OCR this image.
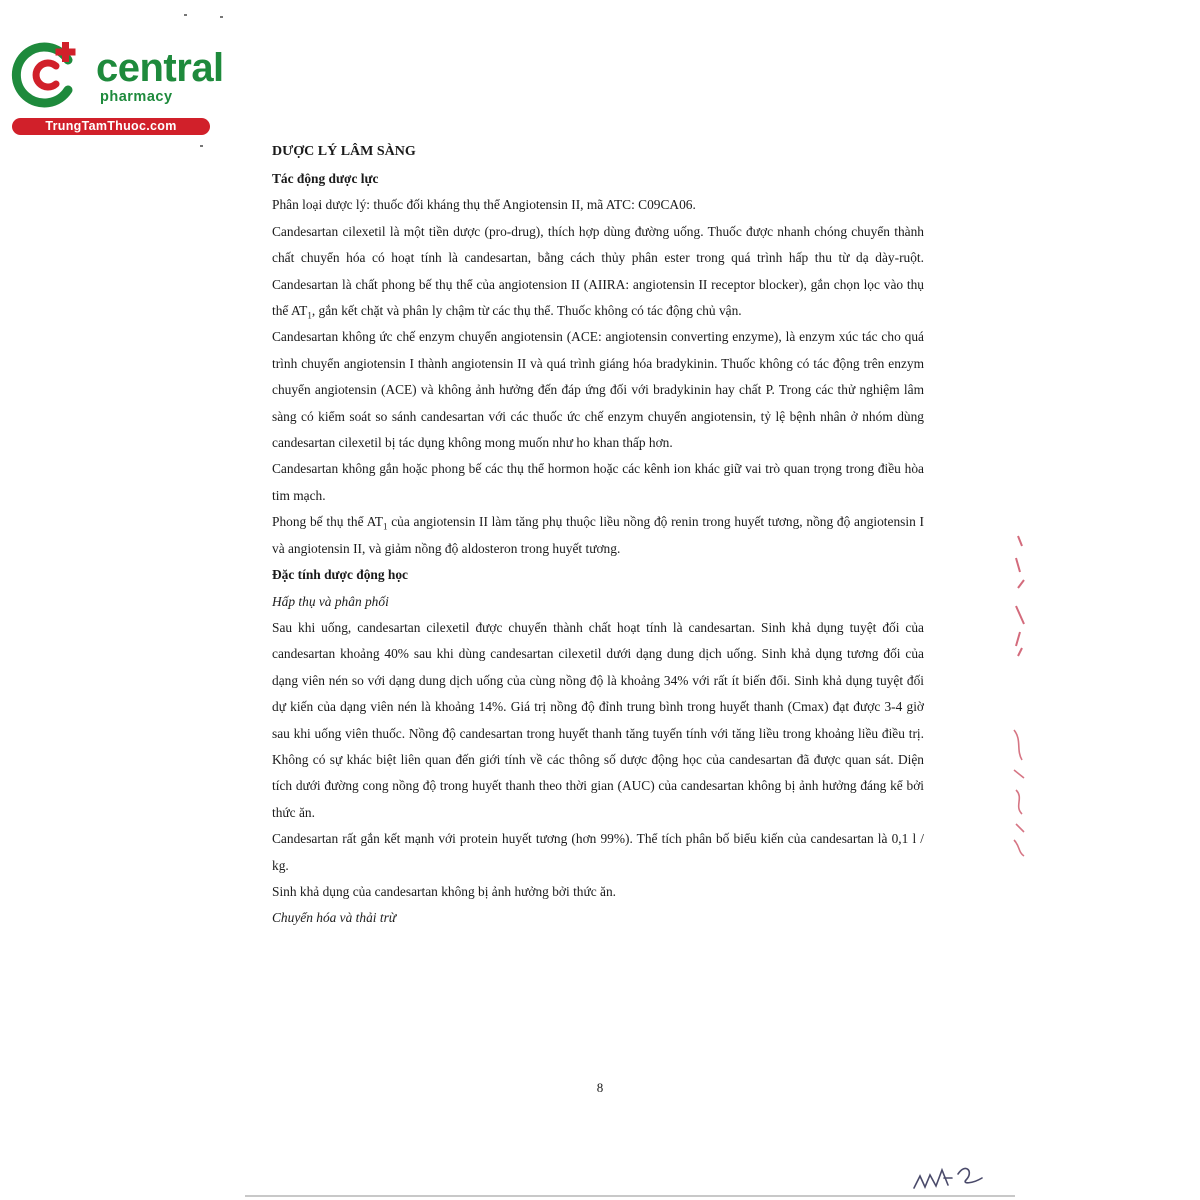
central
pharmacy
TrungTamThuoc.com

DƯỢC LÝ LÂM SÀNG

Tác động dược lực

Phân loại dược lý: thuốc đối kháng thụ thể Angiotensin II, mã ATC: C09CA06.

Candesartan cilexetil là một tiền dược (pro-drug), thích hợp dùng đường uống. Thuốc được nhanh chóng chuyển thành chất chuyển hóa có hoạt tính là candesartan, bằng cách thủy phân ester trong quá trình hấp thu từ dạ dày-ruột. Candesartan là chất phong bế thụ thể của angiotension II (AIIRA: angiotensin II receptor blocker), gắn chọn lọc vào thụ thể $AT_1$, gắn kết chặt và phân ly chậm từ các thụ thể. Thuốc không có tác động chủ vận.

Candesartan không ức chế enzym chuyển angiotensin (ACE: angiotensin converting enzyme), là enzym xúc tác cho quá trình chuyển angiotensin I thành angiotensin II và quá trình giáng hóa bradykinin. Thuốc không có tác động trên enzym chuyển angiotensin (ACE) và không ảnh hưởng đến đáp ứng đối với bradykinin hay chất P. Trong các thử nghiệm lâm sàng có kiểm soát so sánh candesartan với các thuốc ức chế enzym chuyển angiotensin, tỷ lệ bệnh nhân ở nhóm dùng candesartan cilexetil bị tác dụng không mong muốn như ho khan thấp hơn.

Candesartan không gắn hoặc phong bế các thụ thể hormon hoặc các kênh ion khác giữ vai trò quan trọng trong điều hòa tim mạch.

Phong bế thụ thể $AT_1$ của angiotensin II làm tăng phụ thuộc liều nồng độ renin trong huyết tương, nồng độ angiotensin I và angiotensin II, và giảm nồng độ aldosteron trong huyết tương.

Đặc tính dược động học

Hấp thụ và phân phối

Sau khi uống, candesartan cilexetil được chuyển thành chất hoạt tính là candesartan. Sinh khả dụng tuyệt đối của candesartan khoảng 40% sau khi dùng candesartan cilexetil dưới dạng dung dịch uống. Sinh khả dụng tương đối của dạng viên nén so với dạng dung dịch uống của cùng nồng độ là khoảng 34% với rất ít biến đổi. Sinh khả dụng tuyệt đối dự kiến của dạng viên nén là khoảng 14%. Giá trị nồng độ đỉnh trung bình trong huyết thanh (Cmax) đạt được 3-4 giờ sau khi uống viên thuốc. Nồng độ candesartan trong huyết thanh tăng tuyến tính với tăng liều trong khoảng liều điều trị. Không có sự khác biệt liên quan đến giới tính về các thông số dược động học của candesartan đã được quan sát. Diện tích dưới đường cong nồng độ trong huyết thanh theo thời gian (AUC) của candesartan không bị ảnh hưởng đáng kể bởi thức ăn.

Candesartan rất gắn kết mạnh với protein huyết tương (hơn 99%). Thể tích phân bố biểu kiến của candesartan là 0,1 l / kg.

Sinh khả dụng của candesartan không bị ảnh hưởng bởi thức ăn.

Chuyển hóa và thải trừ

8
